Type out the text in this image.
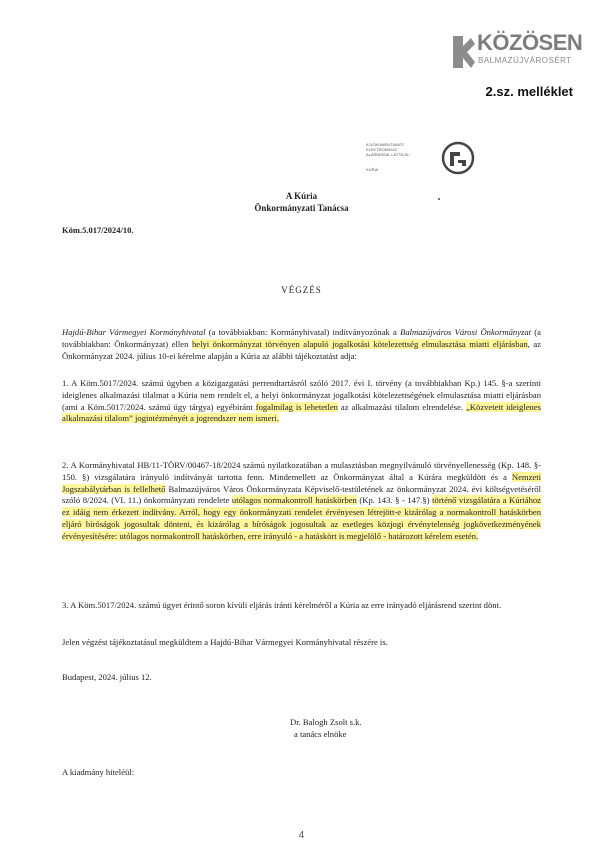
KÖZÖSEN
BALMAZÚJVÁROSÉRT
2.sz. melléklet
A DOKUMENTUMOT ELEKTRONIKUS
ALÁÍRÁSSAL LÁTTA EL:
KÚRIA
A Kúria
Önkormányzati Tanácsa
Köm.5.017/2024/10.
VÉGZÉS

Hajdú-Bihar Vármegyei Kormányhivatal (a továbbiakban: Kormányhivatal) indítványozónak a Balmazújváros Városi Önkormányzat (a továbbiakban: Önkormányzat) ellen helyi önkormányzat törvényen alapuló jogalkotási kötelezettség elmulasztása miatti eljárásban, az Önkormányzat 2024. július 10-ei kérelme alapján a Kúria az alábbi tájékoztatást adja:

1. A Köm.5017/2024. számú ügyben a közigazgatási perrendtartásról szóló 2017. évi I. törvény (a továbbiakban Kp.) 145. §-a szerinti ideiglenes alkalmazási tilalmat a Kúria nem rendelt el, a helyi önkormányzat jogalkotási kötelezettségének elmulasztása miatti eljárásban (ami a Köm.5017/2024. számú ügy tárgya) egyébiránt fogalmilag is lehetetlen az alkalmazási tilalom elrendelése. „Közvetett ideiglenes alkalmazási tilalom” jogintézményét a jogrendszer nem ismeri.

2. A Kormányhivatal HB/11-TÖRV/00467-18/2024 számú nyilatkozatában a mulasztásban megnyilvánuló törvényellenesség (Kp. 148. §- 150. §) vizsgálatára irányuló indítványát tartotta fenn. Mindemellett az Önkormányzat által a Kúrára megküldött és a Nemzeti Jogszabálytárban is fellelhető Balmazújváros Város Önkormányzata Képviselő-testületének az önkormányzat 2024. évi költségvetéséről szóló 8/2024. (VI. 11.) önkormányzati rendelete utólagos normakontroll hatáskörben (Kp. 143. § - 147.§) történő vizsgálatára a Kúriához ez idáig nem érkezett indítvány. Arról, hogy egy önkormányzati rendelet érvényesen létrejött-e kizárólag a normakontroll hatáskörben eljáró bíróságok jogosultak dönteni, és kizárólag a bíróságok jogosultak az esetleges közjogi érvénytelenség jogkövetkezményének érvényesítésére: utólagos normakontroll hatáskörben, erre irányuló - a hatáskört is megjelölő - határozott kérelem esetén.

3. A Köm.5017/2024. számú ügyet érintő soron kívüli eljárás iránti kérelméről a Kúria az erre irányadó eljárásrend szerint dönt.
Jelen végzést tájékoztatásul megküldtem a Hajdú-Bihar Vármegyei Kormányhivatal részére is.
Budapest, 2024. július 12.
Dr. Balogh Zsolt s.k.
a tanács elnöke
A kiadmány hiteléül:
4
